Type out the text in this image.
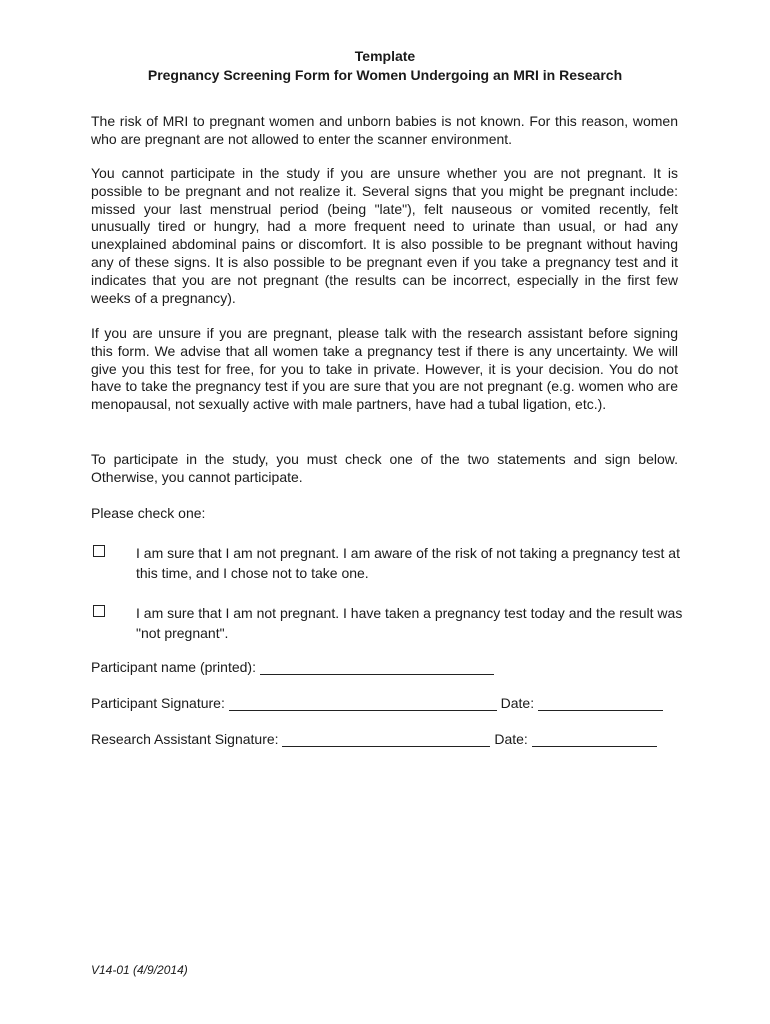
Template
Pregnancy Screening Form for Women Undergoing an MRI in Research

The risk of MRI to pregnant women and unborn babies is not known. For this reason, women who are pregnant are not allowed to enter the scanner environment.

You cannot participate in the study if you are unsure whether you are not pregnant. It is possible to be pregnant and not realize it. Several signs that you might be pregnant include: missed your last menstrual period (being "late"), felt nauseous or vomited recently, felt unusually tired or hungry, had a more frequent need to urinate than usual, or had any unexplained abdominal pains or discomfort. It is also possible to be pregnant without having any of these signs. It is also possible to be pregnant even if you take a pregnancy test and it indicates that you are not pregnant (the results can be incorrect, especially in the first few weeks of a pregnancy).

If you are unsure if you are pregnant, please talk with the research assistant before signing this form. We advise that all women take a pregnancy test if there is any uncertainty. We will give you this test for free, for you to take in private. However, it is your decision. You do not have to take the pregnancy test if you are sure that you are not pregnant (e.g. women who are menopausal, not sexually active with male partners, have had a tubal ligation, etc.).

To participate in the study, you must check one of the two statements and sign below. Otherwise, you cannot participate.

Please check one:

I am sure that I am not pregnant. I am aware of the risk of not taking a pregnancy test at this time, and I chose not to take one.
I am sure that I am not pregnant. I have taken a pregnancy test today and the result was "not pregnant".
Participant name (printed):
Participant Signature:	Date:
Research Assistant Signature:	Date:
V14-01 (4/9/2014)
